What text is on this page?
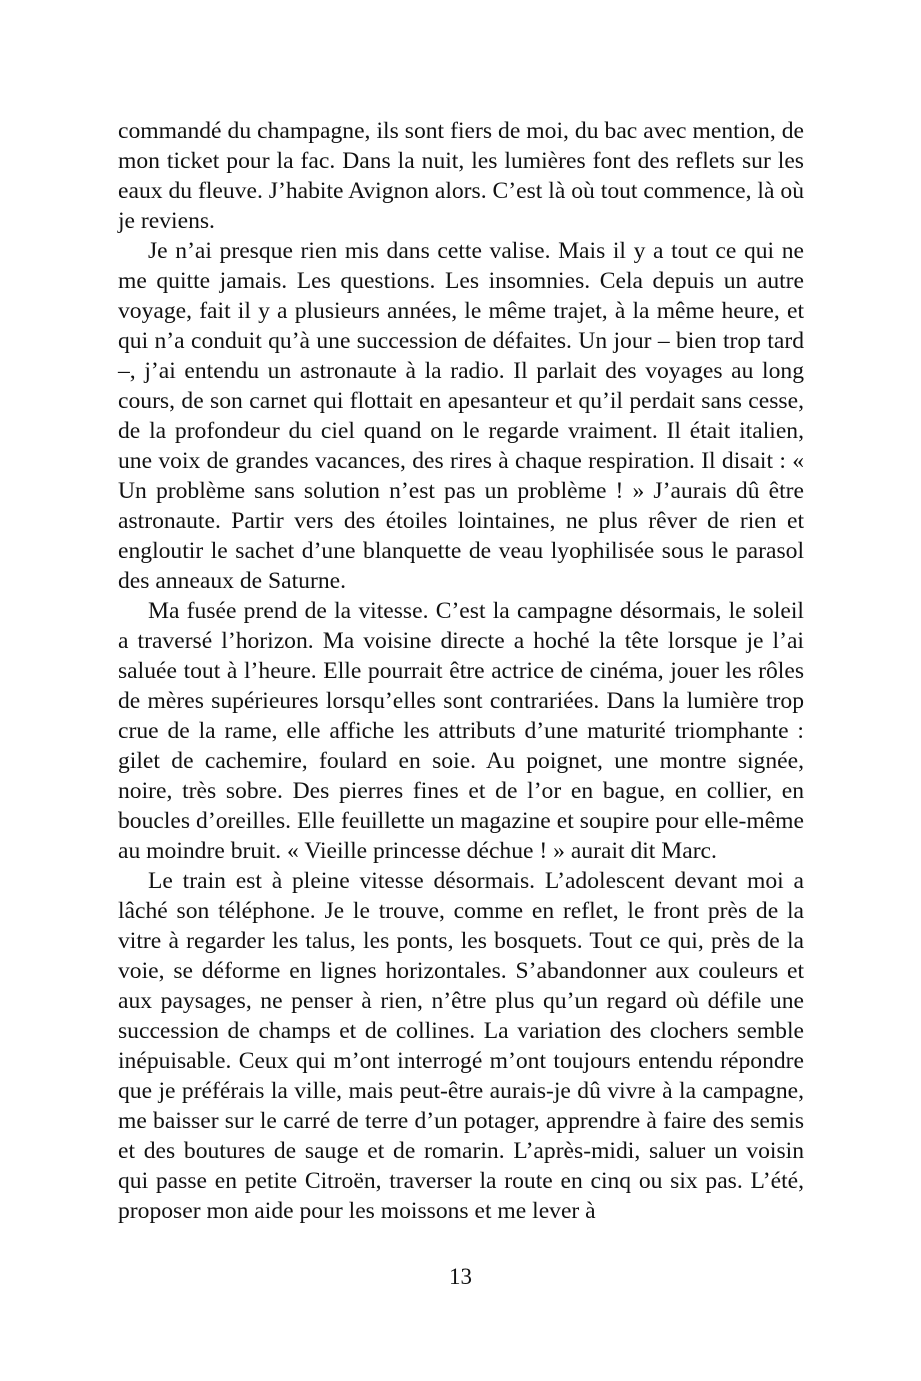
commandé du champagne, ils sont fiers de moi, du bac avec mention, de mon ticket pour la fac. Dans la nuit, les lumières font des reflets sur les eaux du fleuve. J’habite Avignon alors. C’est là où tout commence, là où je reviens.

Je n’ai presque rien mis dans cette valise. Mais il y a tout ce qui ne me quitte jamais. Les questions. Les insomnies. Cela depuis un autre voyage, fait il y a plusieurs années, le même trajet, à la même heure, et qui n’a conduit qu’à une succession de défaites. Un jour – bien trop tard –, j’ai entendu un astronaute à la radio. Il parlait des voyages au long cours, de son carnet qui flottait en apesanteur et qu’il perdait sans cesse, de la profondeur du ciel quand on le regarde vraiment. Il était italien, une voix de grandes vacances, des rires à chaque respiration. Il disait : « Un problème sans solution n’est pas un problème ! » J’aurais dû être astronaute. Partir vers des étoiles lointaines, ne plus rêver de rien et engloutir le sachet d’une blanquette de veau lyophilisée sous le parasol des anneaux de Saturne.

Ma fusée prend de la vitesse. C’est la campagne désormais, le soleil a traversé l’horizon. Ma voisine directe a hoché la tête lorsque je l’ai saluée tout à l’heure. Elle pourrait être actrice de cinéma, jouer les rôles de mères supérieures lorsqu’elles sont contrariées. Dans la lumière trop crue de la rame, elle affiche les attributs d’une maturité triomphante : gilet de cachemire, foulard en soie. Au poignet, une montre signée, noire, très sobre. Des pierres fines et de l’or en bague, en collier, en boucles d’oreilles. Elle feuillette un magazine et soupire pour elle-même au moindre bruit. « Vieille princesse déchue ! » aurait dit Marc.

Le train est à pleine vitesse désormais. L’adolescent devant moi a lâché son téléphone. Je le trouve, comme en reflet, le front près de la vitre à regarder les talus, les ponts, les bosquets. Tout ce qui, près de la voie, se déforme en lignes horizontales. S’abandonner aux couleurs et aux paysages, ne penser à rien, n’être plus qu’un regard où défile une succession de champs et de collines. La variation des clochers semble inépuisable. Ceux qui m’ont interrogé m’ont toujours entendu répondre que je préférais la ville, mais peut-être aurais-je dû vivre à la campagne, me baisser sur le carré de terre d’un potager, apprendre à faire des semis et des boutures de sauge et de romarin. L’après-midi, saluer un voisin qui passe en petite Citroën, traverser la route en cinq ou six pas. L’été, proposer mon aide pour les moissons et me lever à

13
